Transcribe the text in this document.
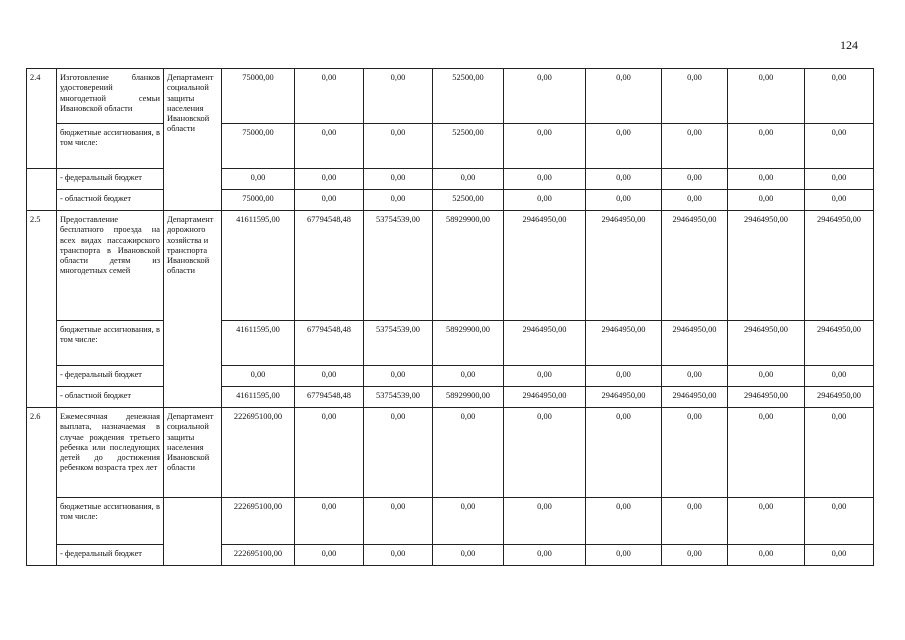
124
2.4	Изготовление бланков удостоверений многодетной семьи Ивановской области	Департамент социальной защиты населения Ивановской области	75000,00	0,00	0,00	52500,00	0,00	0,00	0,00	0,00	0,00
	бюджетные ассигнования, в том числе:		75000,00	0,00	0,00	52500,00	0,00	0,00	0,00	0,00	0,00
	- федеральный бюджет		0,00	0,00	0,00	0,00	0,00	0,00	0,00	0,00	0,00
	- областной бюджет		75000,00	0,00	0,00	52500,00	0,00	0,00	0,00	0,00	0,00
2.5	Предоставление бесплатного проезда на всех видах пассажирского транспорта в Ивановской области детям из многодетных семей	Департамент дорожного хозяйства и транспорта Ивановской области	41611595,00	67794548,48	53754539,00	58929900,00	29464950,00	29464950,00	29464950,00	29464950,00	29464950,00
	бюджетные ассигнования, в том числе:		41611595,00	67794548,48	53754539,00	58929900,00	29464950,00	29464950,00	29464950,00	29464950,00	29464950,00
	- федеральный бюджет		0,00	0,00	0,00	0,00	0,00	0,00	0,00	0,00	0,00
	- областной бюджет		41611595,00	67794548,48	53754539,00	58929900,00	29464950,00	29464950,00	29464950,00	29464950,00	29464950,00
2.6	Ежемесячная денежная выплата, назначаемая в случае рождения третьего ребенка или последующих детей до достижения ребенком возраста трех лет	Департамент социальной защиты населения Ивановской области	222695100,00	0,00	0,00	0,00	0,00	0,00	0,00	0,00	0,00
	бюджетные ассигнования, в том числе:		222695100,00	0,00	0,00	0,00	0,00	0,00	0,00	0,00	0,00
	- федеральный бюджет		222695100,00	0,00	0,00	0,00	0,00	0,00	0,00	0,00	0,00
